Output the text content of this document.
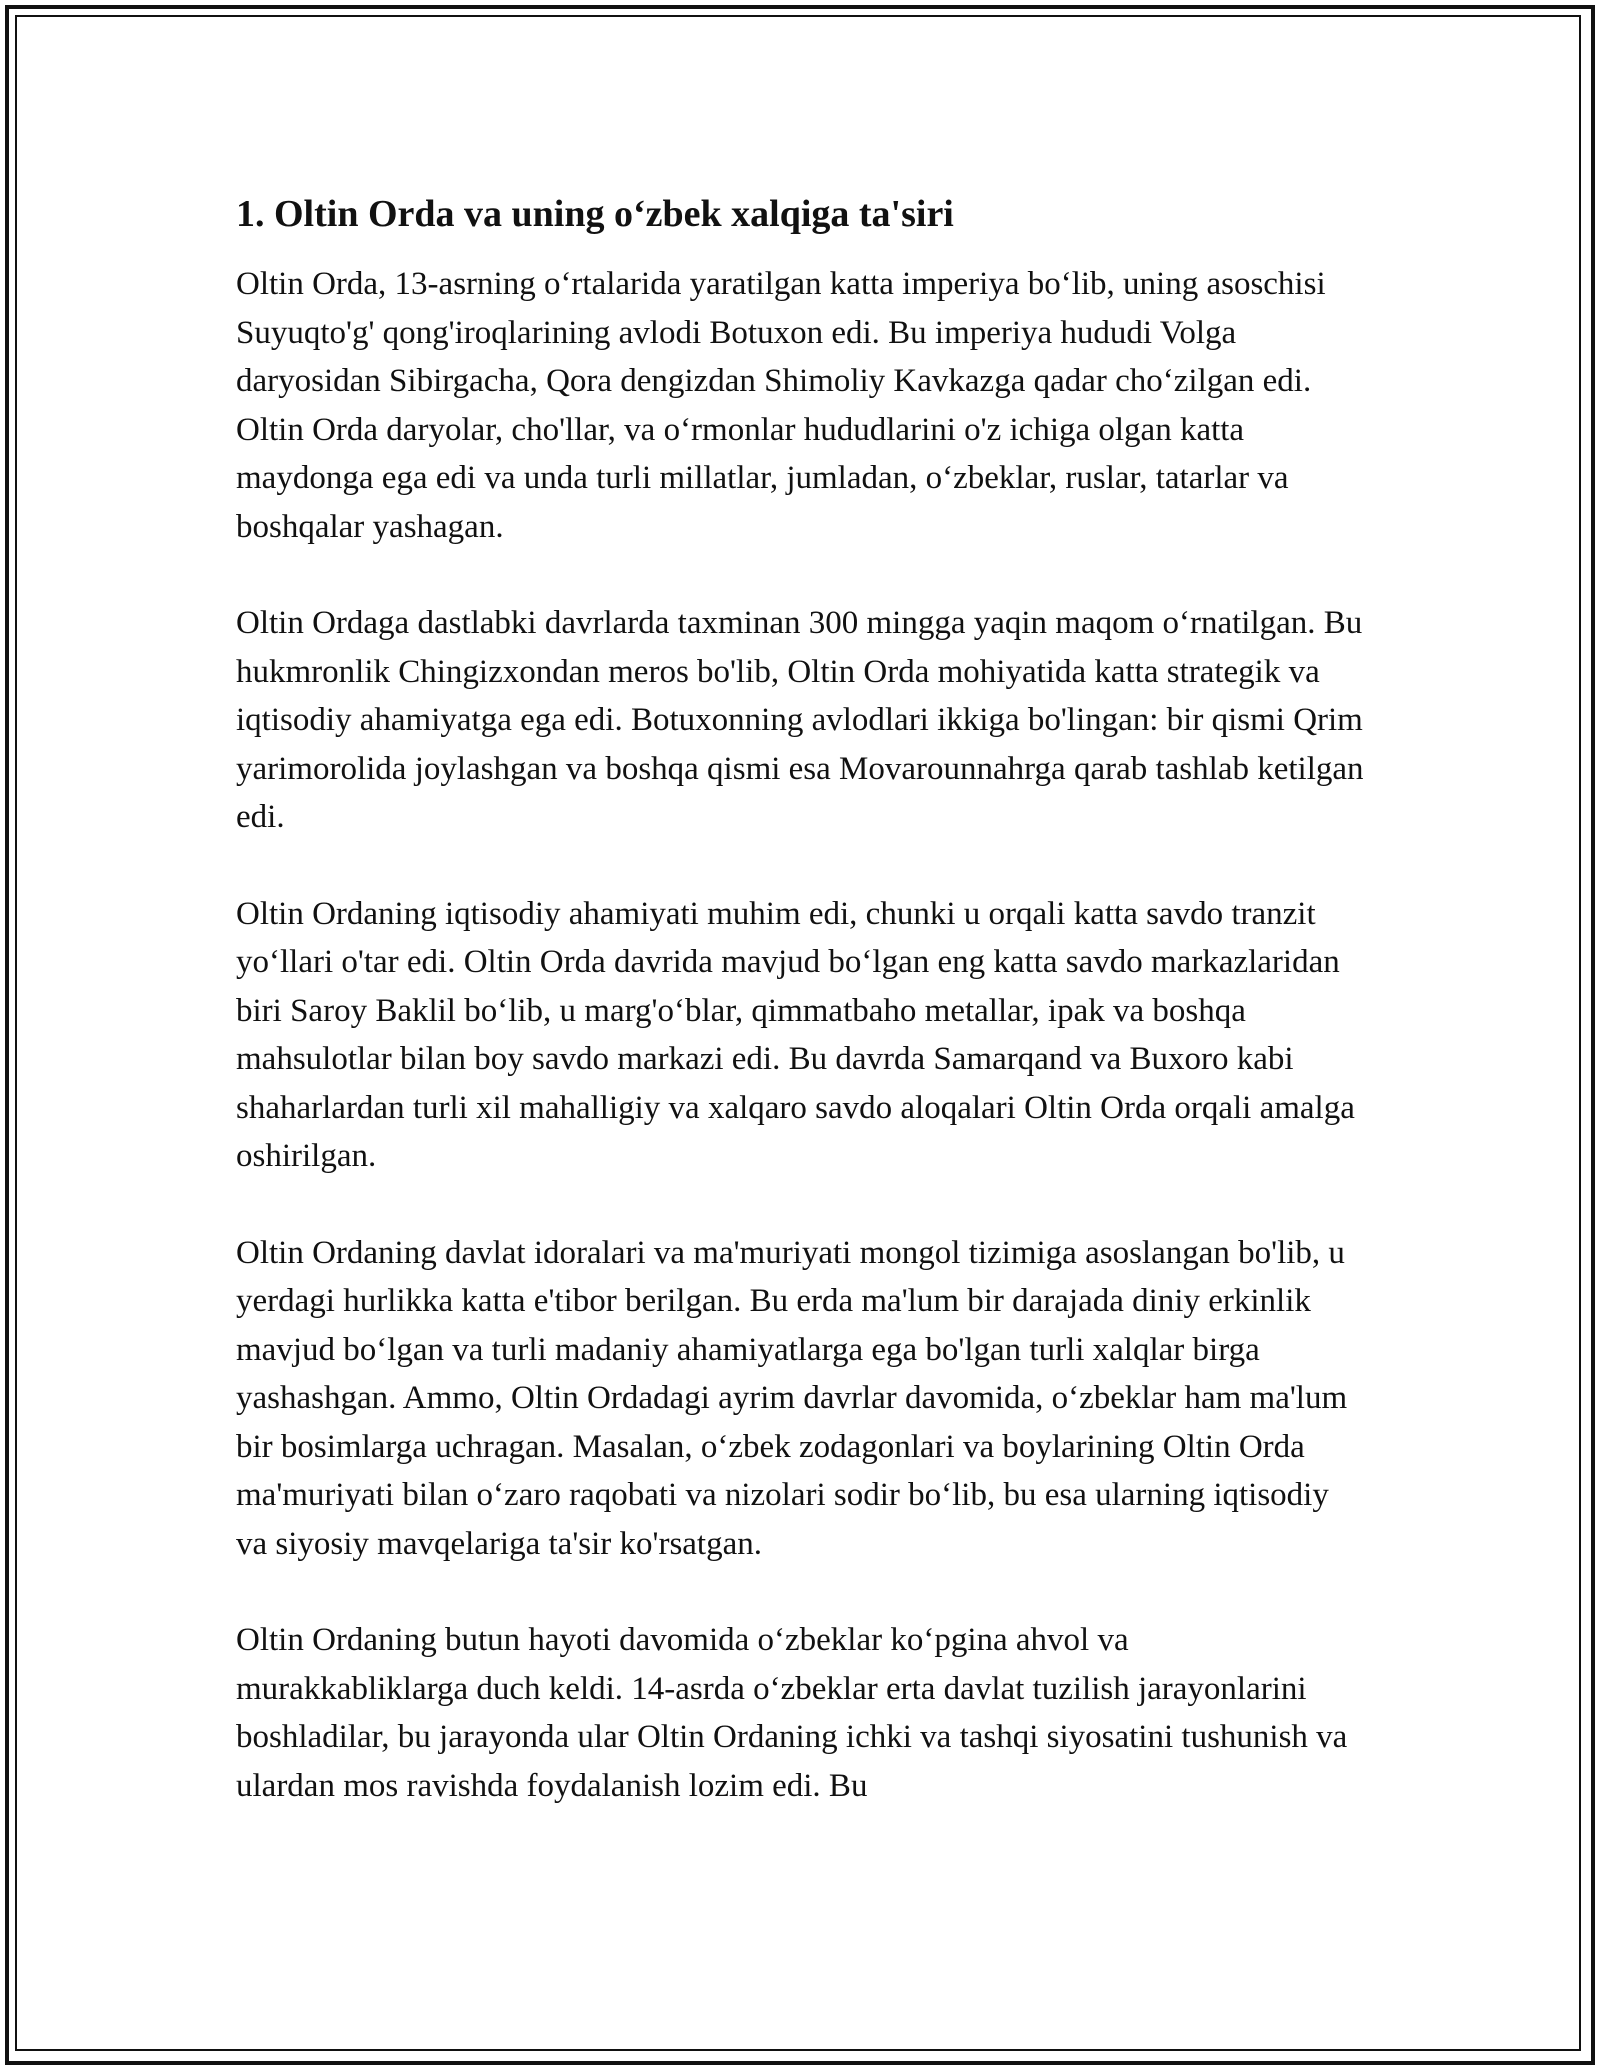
1. Oltin Orda va uning o‘zbek xalqiga ta'siri

Oltin Orda, 13-asrning o‘rtalarida yaratilgan katta imperiya bo‘lib, uning asoschisi Suyuqto'g' qong'iroqlarining avlodi Botuxon edi. Bu imperiya hududi Volga daryosidan Sibirgacha, Qora dengizdan Shimoliy Kavkazga qadar cho‘zilgan edi. Oltin Orda daryolar, cho'llar, va o‘rmonlar hududlarini o'z ichiga olgan katta maydonga ega edi va unda turli millatlar, jumladan, o‘zbeklar, ruslar, tatarlar va boshqalar yashagan.

Oltin Ordaga dastlabki davrlarda taxminan 300 mingga yaqin maqom o‘rnatilgan. Bu hukmronlik Chingizxondan meros bo'lib, Oltin Orda mohiyatida katta strategik va iqtisodiy ahamiyatga ega edi. Botuxonning avlodlari ikkiga bo'lingan: bir qismi Qrim yarimorolida joylashgan va boshqa qismi esa Movarounnahrga qarab tashlab ketilgan edi.

Oltin Ordaning iqtisodiy ahamiyati muhim edi, chunki u orqali katta savdo tranzit yo‘llari o'tar edi. Oltin Orda davrida mavjud bo‘lgan eng katta savdo markazlaridan biri Saroy Baklil bo‘lib, u marg'o‘blar, qimmatbaho metallar, ipak va boshqa mahsulotlar bilan boy savdo markazi edi. Bu davrda Samarqand va Buxoro kabi shaharlardan turli xil mahalligiy va xalqaro savdo aloqalari Oltin Orda orqali amalga oshirilgan.

Oltin Ordaning davlat idoralari va ma'muriyati mongol tizimiga asoslangan bo'lib, u yerdagi hurlikka katta e'tibor berilgan. Bu erda ma'lum bir darajada diniy erkinlik mavjud bo‘lgan va turli madaniy ahamiyatlarga ega bo'lgan turli xalqlar birga yashashgan. Ammo, Oltin Ordadagi ayrim davrlar davomida, o‘zbeklar ham ma'lum bir bosimlarga uchragan. Masalan, o‘zbek zodagonlari va boylarining Oltin Orda ma'muriyati bilan o‘zaro raqobati va nizolari sodir bo‘lib, bu esa ularning iqtisodiy va siyosiy mavqelariga ta'sir ko'rsatgan.

Oltin Ordaning butun hayoti davomida o‘zbeklar ko‘pgina ahvol va murakkabliklarga duch keldi. 14-asrda o‘zbeklar erta davlat tuzilish jarayonlarini boshladilar, bu jarayonda ular Oltin Ordaning ichki va tashqi siyosatini tushunish va ulardan mos ravishda foydalanish lozim edi. Bu
